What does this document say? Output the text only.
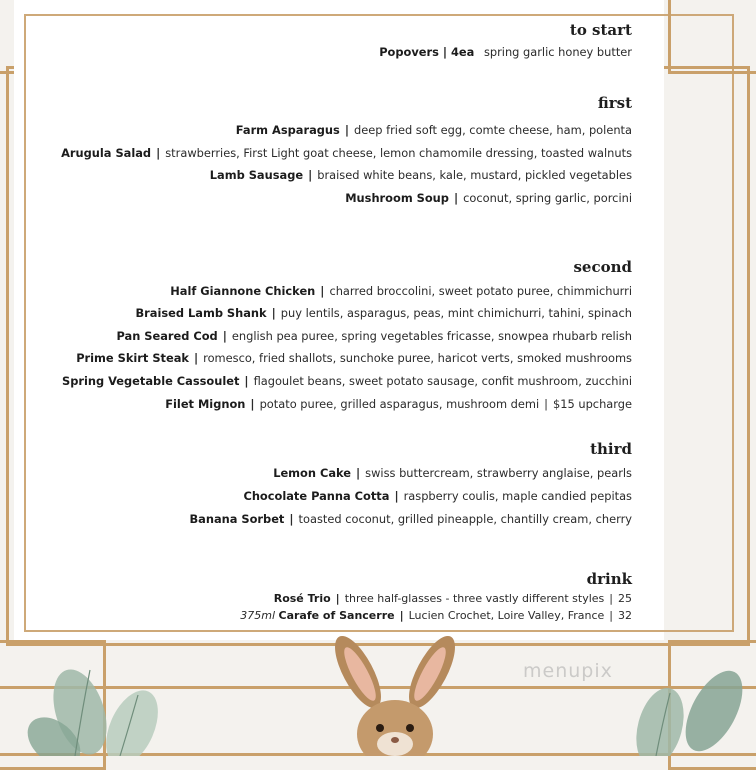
to start

Popovers | 4ea spring garlic honey butter

first

Farm Asparagus | deep fried soft egg, comte cheese, ham, polenta

Arugula Salad | strawberries, First Light goat cheese, lemon chamomile dressing, toasted walnuts

Lamb Sausage | braised white beans, kale, mustard, pickled vegetables

Mushroom Soup | coconut, spring garlic, porcini

second

Half Giannone Chicken | charred broccolini, sweet potato puree, chimmichurri

Braised Lamb Shank | puy lentils, asparagus, peas, mint chimichurri, tahini, spinach

Pan Seared Cod | english pea puree, spring vegetables fricasse, snowpea rhubarb relish

Prime Skirt Steak | romesco, fried shallots, sunchoke puree, haricot verts, smoked mushrooms

Spring Vegetable Cassoulet | flagoulet beans, sweet potato sausage, confit mushroom, zucchini

Filet Mignon | potato puree, grilled asparagus, mushroom demi | $15 upcharge

third

Lemon Cake | swiss buttercream, strawberry anglaise, pearls

Chocolate Panna Cotta | raspberry coulis, maple candied pepitas

Banana Sorbet | toasted coconut, grilled pineapple, chantilly cream, cherry

drink

Rosé Trio | three half-glasses - three vastly different styles | 25

375ml Carafe of Sancerre | Lucien Crochet, Loire Valley, France | 32

menupix
